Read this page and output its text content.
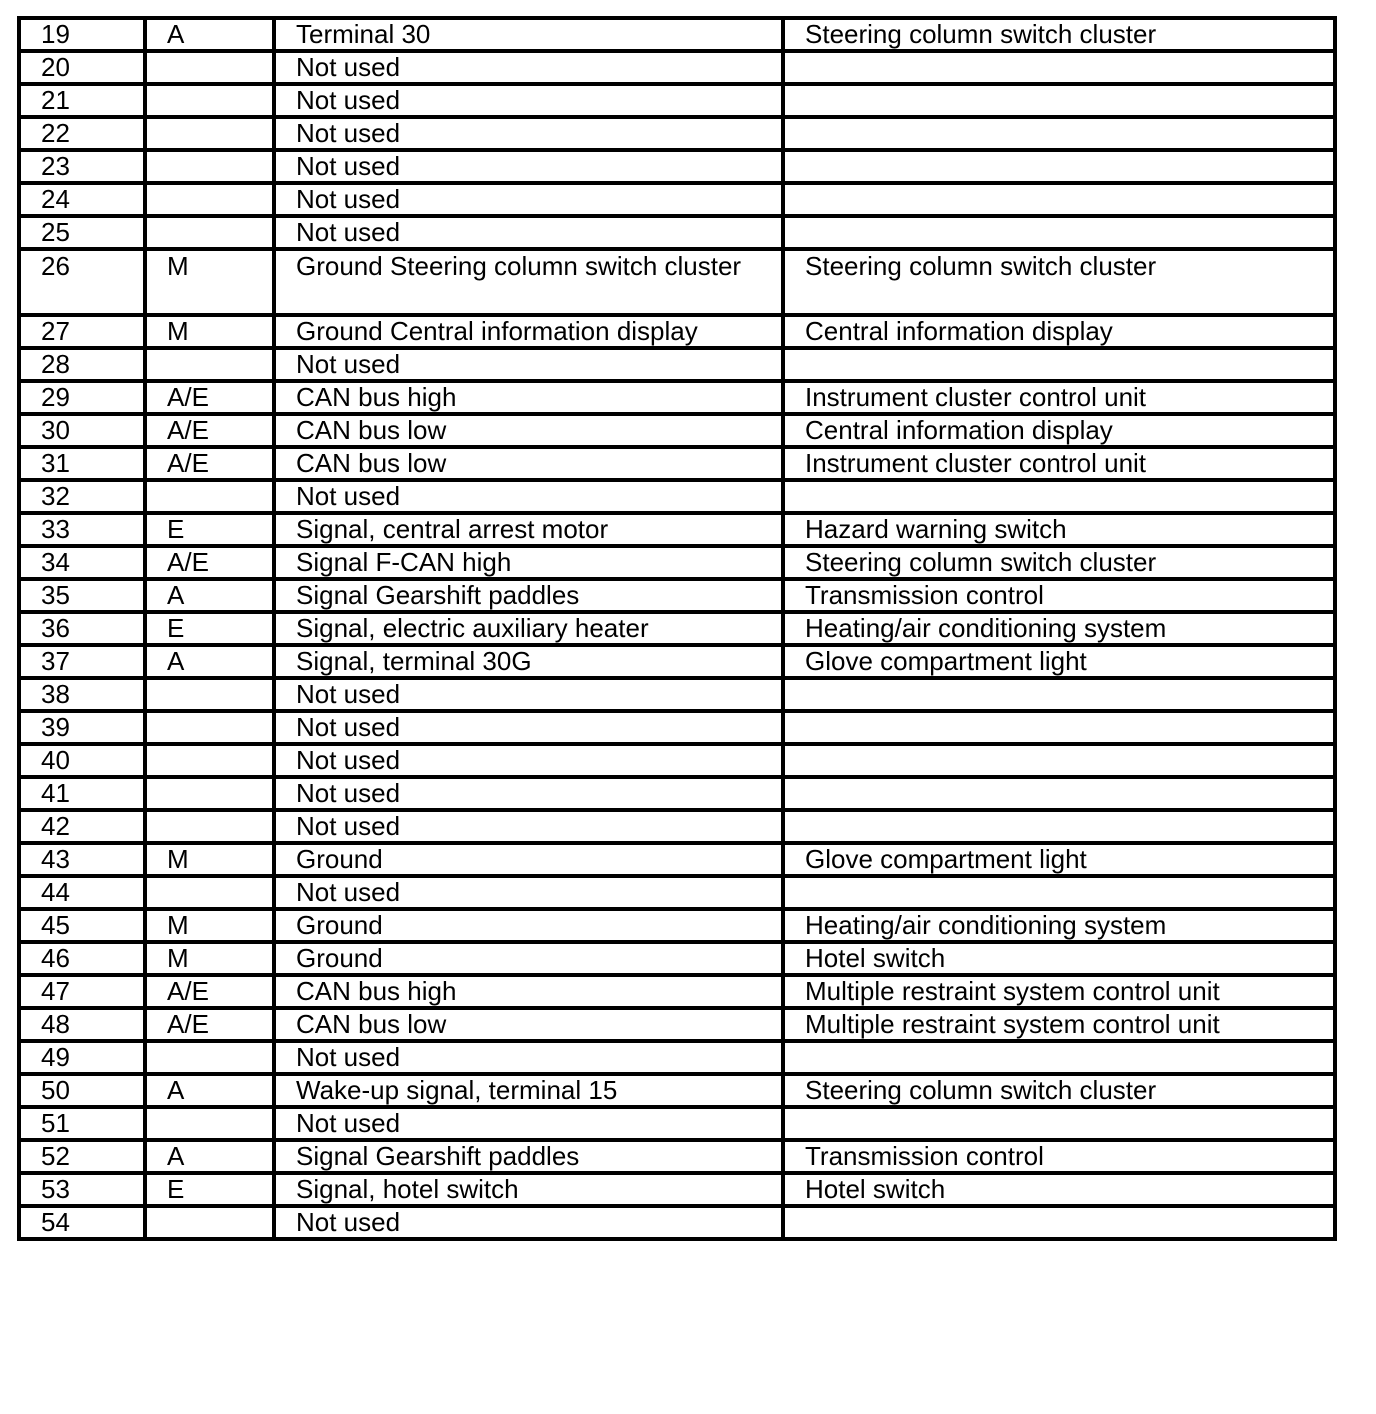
19	A	Terminal 30	Steering column switch cluster
20		Not used	
21		Not used	
22		Not used	
23		Not used	
24		Not used	
25		Not used	
26	M	Ground Steering column switch cluster	Steering column switch cluster
27	M	Ground Central information display	Central information display
28		Not used	
29	A/E	CAN bus high	Instrument cluster control unit
30	A/E	CAN bus low	Central information display
31	A/E	CAN bus low	Instrument cluster control unit
32		Not used	
33	E	Signal, central arrest motor	Hazard warning switch
34	A/E	Signal F-CAN high	Steering column switch cluster
35	A	Signal Gearshift paddles	Transmission control
36	E	Signal, electric auxiliary heater	Heating/air conditioning system
37	A	Signal, terminal 30G	Glove compartment light
38		Not used	
39		Not used	
40		Not used	
41		Not used	
42		Not used	
43	M	Ground	Glove compartment light
44		Not used	
45	M	Ground	Heating/air conditioning system
46	M	Ground	Hotel switch
47	A/E	CAN bus high	Multiple restraint system control unit
48	A/E	CAN bus low	Multiple restraint system control unit
49		Not used	
50	A	Wake-up signal, terminal 15	Steering column switch cluster
51		Not used	
52	A	Signal Gearshift paddles	Transmission control
53	E	Signal, hotel switch	Hotel switch
54		Not used	
